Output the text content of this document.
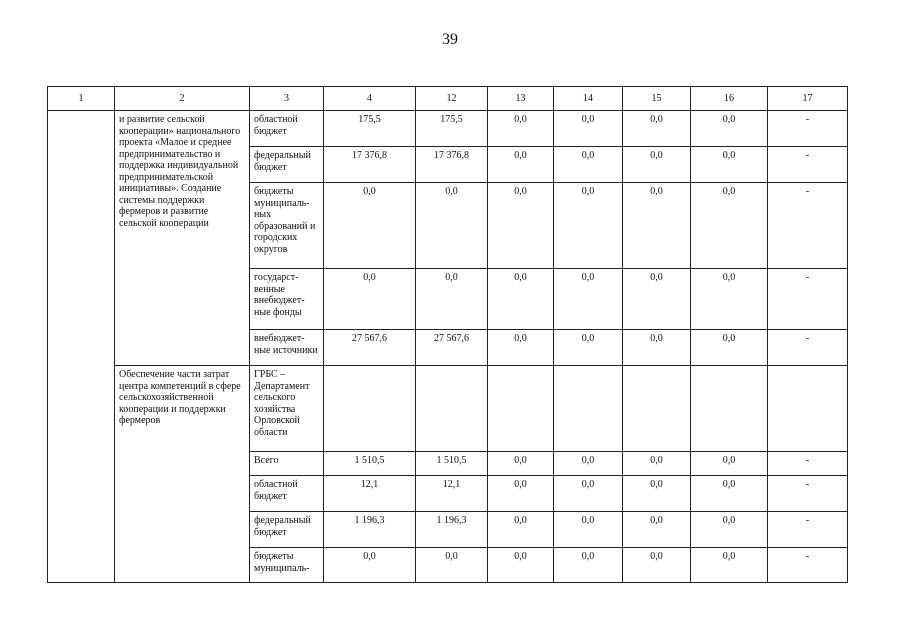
39
1	2	3	4	12	13	14	15	16	17
	и развитие сельской кооперации» национального проекта «Малое и среднее предпринимательство и поддержка индивидуальной предпринимательской инициативы». Создание системы поддержки фермеров и развитие сельской кооперации	областной бюджет	175,5	175,5	0,0	0,0	0,0	0,0	-
		федеральный бюджет	17 376,8	17 376,8	0,0	0,0	0,0	0,0	-
		бюджеты муниципаль-ных образований и городских округов	0,0	0,0	0,0	0,0	0,0	0,0	-
		государст-венные внебюджет-ные фонды	0,0	0,0	0,0	0,0	0,0	0,0	-
		внебюджет-ные источники	27 567,6	27 567,6	0,0	0,0	0,0	0,0	-
	Обеспечение части затрат центра компетенций в сфере сельскохозяйственной кооперации и поддержки фермеров	ГРБС – Департамент сельского хозяйства Орловской области							
		Всего	1 510,5	1 510,5	0,0	0,0	0,0	0,0	-
		областной бюджет	12,1	12,1	0,0	0,0	0,0	0,0	-
		федеральный бюджет	1 196,3	1 196,3	0,0	0,0	0,0	0,0	-
		бюджеты муниципаль-	0,0	0,0	0,0	0,0	0,0	0,0	-
